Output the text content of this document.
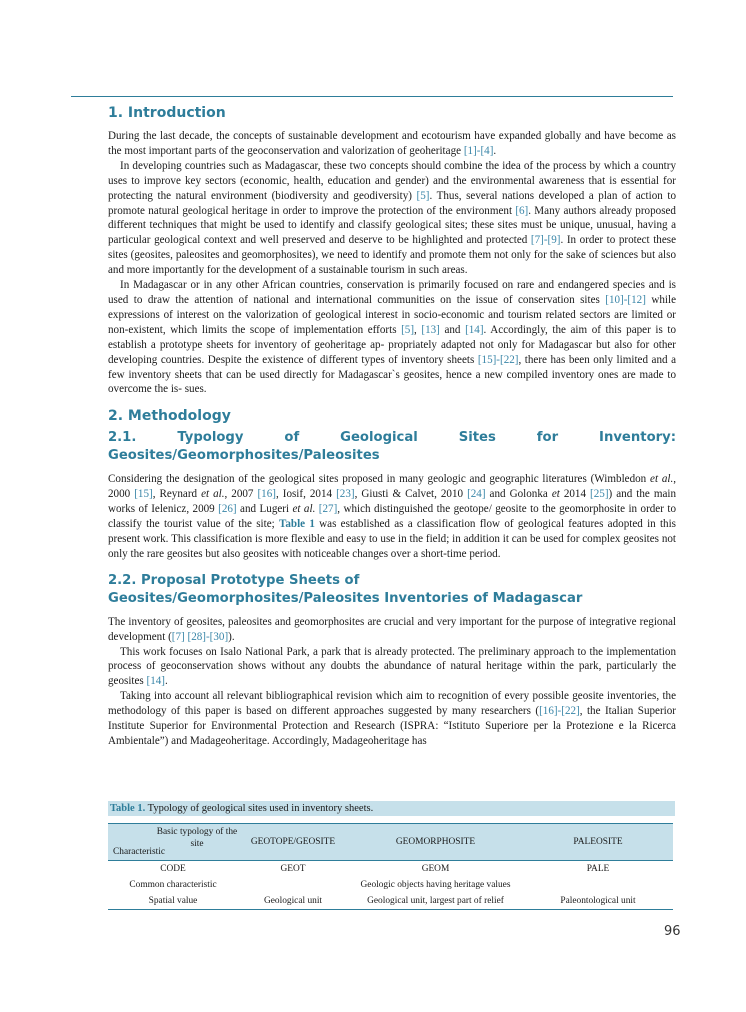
1. Introduction

During the last decade, the concepts of sustainable development and ecotourism have expanded globally and have become as the most important parts of the geoconservation and valorization of geoheritage [1]-[4].

In developing countries such as Madagascar, these two concepts should combine the idea of the process by which a country uses to improve key sectors (economic, health, education and gender) and the environmental awareness that is essential for protecting the natural environment (biodiversity and geodiversity) [5]. Thus, several nations developed a plan of action to promote natural geological heritage in order to improve the protection of the environment [6]. Many authors already proposed different techniques that might be used to identify and classify geological sites; these sites must be unique, unusual, having a particular geological context and well preserved and deserve to be highlighted and protected [7]-[9]. In order to protect these sites (geosites, paleosites and geomorphosites), we need to identify and promote them not only for the sake of sciences but also and more importantly for the development of a sustainable tourism in such areas.

In Madagascar or in any other African countries, conservation is primarily focused on rare and endangered species and is used to draw the attention of national and international communities on the issue of conservation sites [10]-[12] while expressions of interest on the valorization of geological interest in socio-economic and tourism related sectors are limited or non-existent, which limits the scope of implementation efforts [5], [13] and [14]. Accordingly, the aim of this paper is to establish a prototype sheets for inventory of geoheritage ap- propriately adapted not only for Madagascar but also for other developing countries. Despite the existence of different types of inventory sheets [15]-[22], there has been only limited and a few inventory sheets that can be used directly for Madagascar`s geosites, hence a new compiled inventory ones are made to overcome the is- sues.

2. Methodology
2.1. Typology of Geological Sites for Inventory: Geosites/Geomorphosites/Paleosites

Considering the designation of the geological sites proposed in many geologic and geographic literatures (Wimbledon et al., 2000 [15], Reynard et al., 2007 [16], Iosif, 2014 [23], Giusti & Calvet, 2010 [24] and Golonka et 2014 [25]) and the main works of Ielenicz, 2009 [26] and Lugeri et al. [27], which distinguished the geotope/ geosite to the geomorphosite in order to classify the tourist value of the site; Table 1 was established as a classification flow of geological features adopted in this present work. This classification is more flexible and easy to use in the field; in addition it can be used for complex geosites not only the rare geosites but also geosites with noticeable changes over a short-time period.

2.2. Proposal Prototype Sheets of
Geosites/Geomorphosites/Paleosites Inventories of Madagascar

The inventory of geosites, paleosites and geomorphosites are crucial and very important for the purpose of integrative regional development ([7] [28]-[30]).

This work focuses on Isalo National Park, a park that is already protected. The preliminary approach to the implementation process of geoconservation shows without any doubts the abundance of natural heritage within the park, particularly the geosites [14].

Taking into account all relevant bibliographical revision which aim to recognition of every possible geosite inventories, the methodology of this paper is based on different approaches suggested by many researchers ([16]-[22], the Italian Superior Institute Superior for Environmental Protection and Research (ISPRA: “Istituto Superiore per la Protezione e la Ricerca Ambientale”) and Madageoheritage. Accordingly, Madageoheritage has

Table 1. Typology of geological sites used in inventory sheets.
Basic typology of the site
Characteristic	GEOTOPE/GEOSITE	GEOMORPHOSITE	PALEOSITE
CODE	GEOT	GEOM	PALE
Common characteristic		Geologic objects having heritage values	
Spatial value	Geological unit	Geological unit, largest part of relief	Paleontological unit
96
